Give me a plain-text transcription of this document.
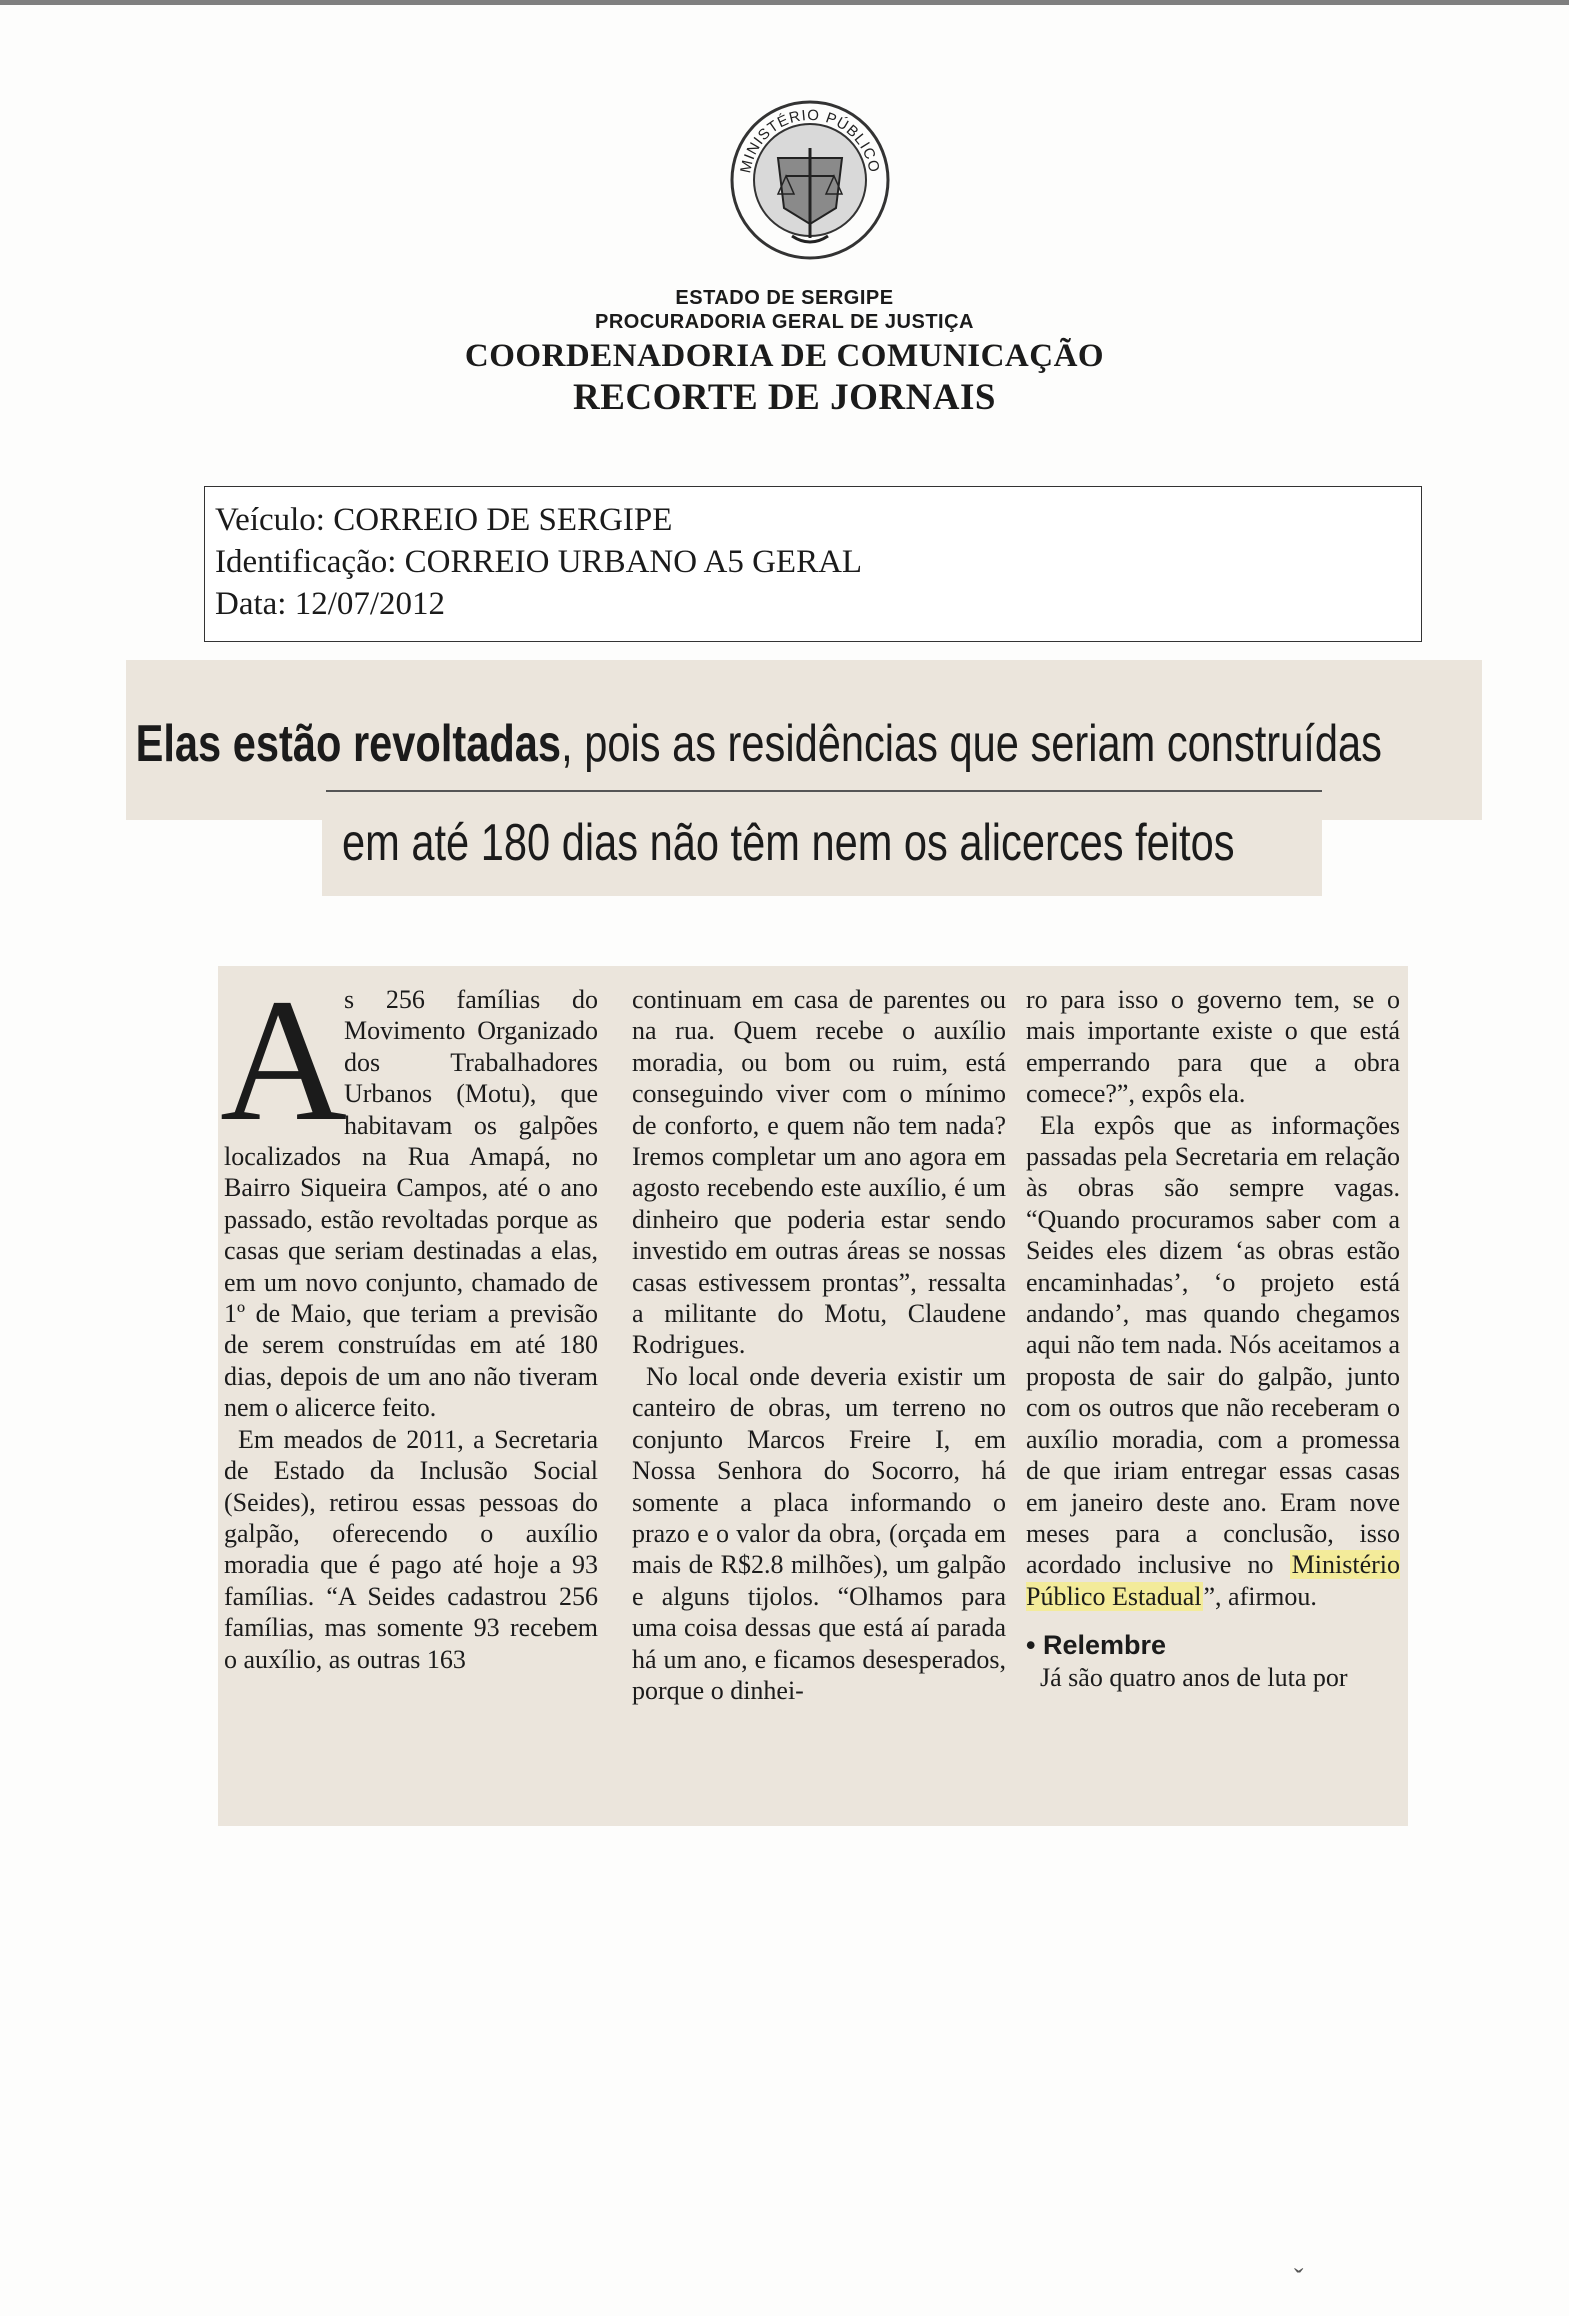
MINISTÉRIO PÚBLICO
ESTADO DE SERGIPE
PROCURADORIA GERAL DE JUSTIÇA
COORDENADORIA DE COMUNICAÇÃO
RECORTE DE JORNAIS
Veículo: CORREIO DE SERGIPE
Identificação: CORREIO URBANO A5 GERAL
Data: 12/07/2012
Elas estão revoltadas, pois as residências que seriam construídas
em até 180 dias não têm nem os alicerces feitos
A

s 256 famílias do Movimento Organizado dos Trabalhadores Urbanos (Motu), que habitavam os galpões localizados na Rua Amapá, no Bairro Siqueira Campos, até o ano passado, estão revoltadas porque as casas que seriam destinadas a elas, em um novo conjunto, chamado de 1º de Maio, que teriam a previsão de serem construídas em até 180 dias, depois de um ano não tiveram nem o alicerce feito.

Em meados de 2011, a Secretaria de Estado da Inclusão Social (Seides), retirou essas pessoas do galpão, oferecendo o auxílio moradia que é pago até hoje a 93 famílias. “A Seides cadastrou 256 famílias, mas somente 93 recebem o auxílio, as outras 163

continuam em casa de parentes ou na rua. Quem recebe o auxílio moradia, ou bom ou ruim, está conseguindo viver com o mínimo de conforto, e quem não tem nada? Iremos completar um ano agora em agosto recebendo este auxílio, é um dinheiro que poderia estar sendo investido em outras áreas se nossas casas estivessem prontas”, ressalta a militante do Motu, Claudene Rodrigues.

No local onde deveria existir um canteiro de obras, um terreno no conjunto Marcos Freire I, em Nossa Senhora do Socorro, há somente a placa informando o prazo e o valor da obra, (orçada em mais de R$2.8 milhões), um galpão e alguns tijolos. “Olhamos para uma coisa dessas que está aí parada há um ano, e ficamos desesperados, porque o dinhei-

ro para isso o governo tem, se o mais importante existe o que está emperrando para que a obra comece?”, expôs ela.

Ela expôs que as informações passadas pela Secretaria em relação às obras são sempre vagas. “Quando procuramos saber com a Seides eles dizem ‘as obras estão encaminhadas’, ‘o projeto está andando’, mas quando chegamos aqui não tem nada. Nós aceitamos a proposta de sair do galpão, junto com os outros que não receberam o auxílio moradia, com a promessa de que iriam entregar essas casas em janeiro deste ano. Eram nove meses para a conclusão, isso acordado inclusive no Ministério Público Estadual”, afirmou.

• Relembre

Já são quatro anos de luta por

ˇ
